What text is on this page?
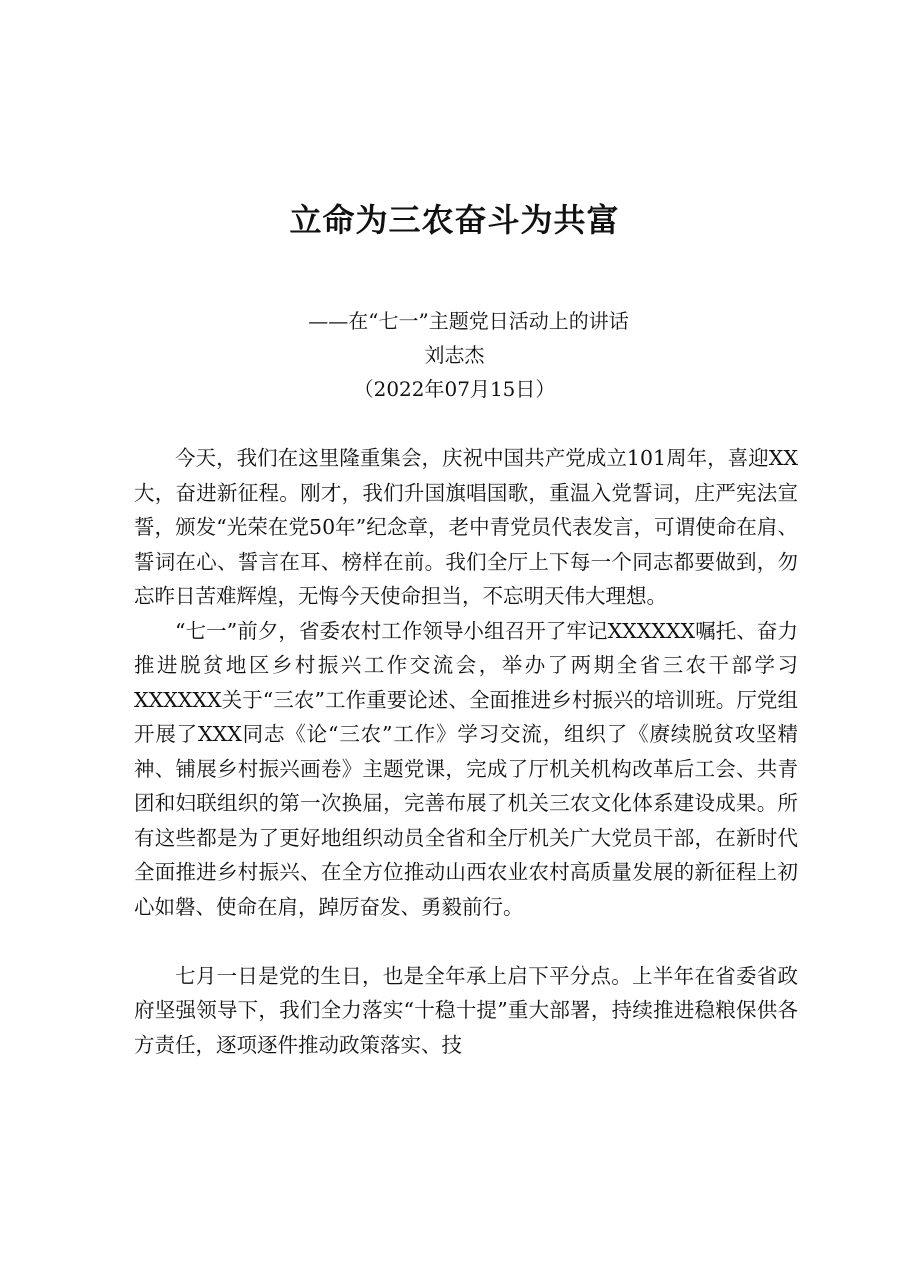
立命为三农奋斗为共富
——在“七一”主题党日活动上的讲话
刘志杰
（2022年07月15日）

今天，我们在这里隆重集会，庆祝中国共产党成立101周年，喜迎XX大，奋进新征程。刚才，我们升国旗唱国歌，重温入党誓词，庄严宪法宣誓，颁发“光荣在党50年”纪念章，老中青党员代表发言，可谓使命在肩、誓词在心、誓言在耳、榜样在前。我们全厅上下每一个同志都要做到，勿忘昨日苦难辉煌，无悔今天使命担当，不忘明天伟大理想。

“七一”前夕，省委农村工作领导小组召开了牢记XXXXXX嘱托、奋力推进脱贫地区乡村振兴工作交流会，举办了两期全省三农干部学习XXXXXX关于“三农”工作重要论述、全面推进乡村振兴的培训班。厅党组开展了XXX同志《论“三农”工作》学习交流，组织了《赓续脱贫攻坚精神、铺展乡村振兴画卷》主题党课，完成了厅机关机构改革后工会、共青团和妇联组织的第一次换届，完善布展了机关三农文化体系建设成果。所有这些都是为了更好地组织动员全省和全厅机关广大党员干部，在新时代全面推进乡村振兴、在全方位推动山西农业农村高质量发展的新征程上初心如磐、使命在肩，踔厉奋发、勇毅前行。

七月一日是党的生日，也是全年承上启下平分点。上半年在省委省政府坚强领导下，我们全力落实“十稳十提”重大部署，持续推进稳粮保供各方责任，逐项逐件推动政策落实、技
